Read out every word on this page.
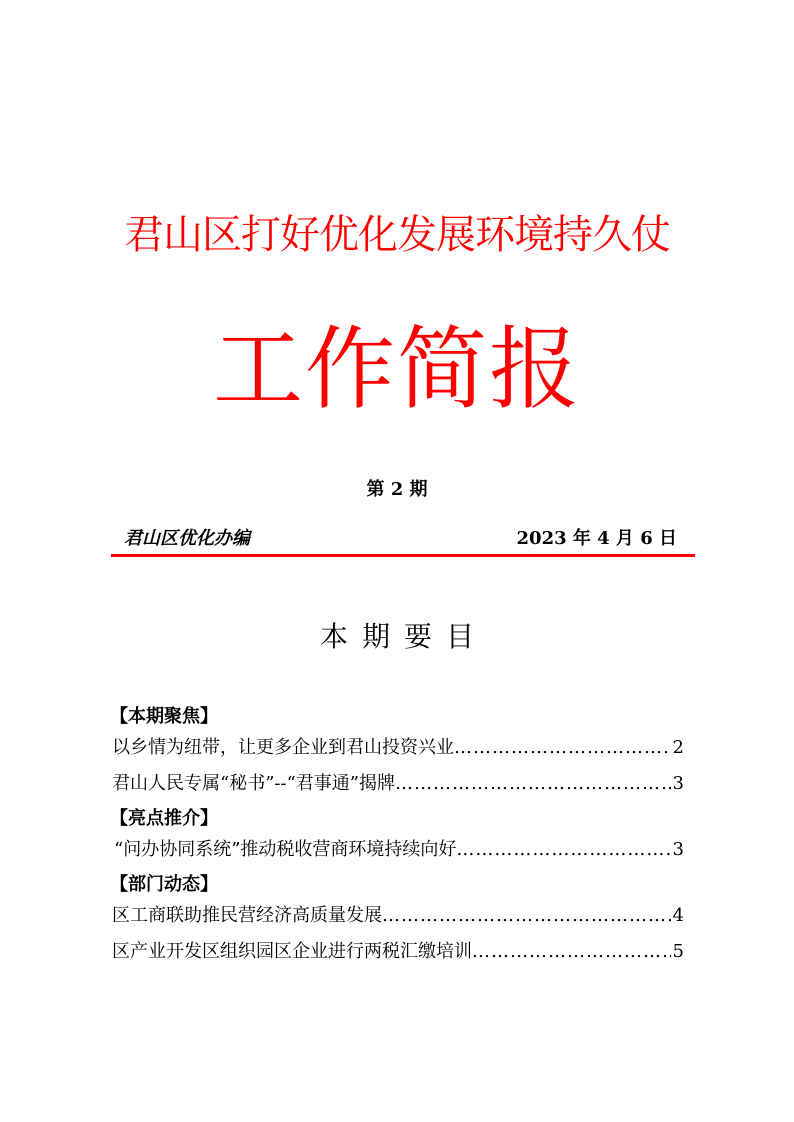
君山区打好优化发展环境持久仗
工作简报
第 2 期
君山区优化办编	2023 年 4 月 6 日
本期要目
【本期聚焦】
以乡情为纽带，让更多企业到君山投资兴业 ……………………………………………………………………………………	2
君山人民专属“秘书”--“君事通”揭牌 ……………………………………………………………………………………	3
【亮点推介】
“问办协同系统”推动税收营商环境持续向好 ……………………………………………………………………………………	3
【部门动态】
区工商联助推民营经济高质量发展 ……………………………………………………………………………………	4
区产业开发区组织园区企业进行两税汇缴培训 ……………………………………………………………………………………	5
